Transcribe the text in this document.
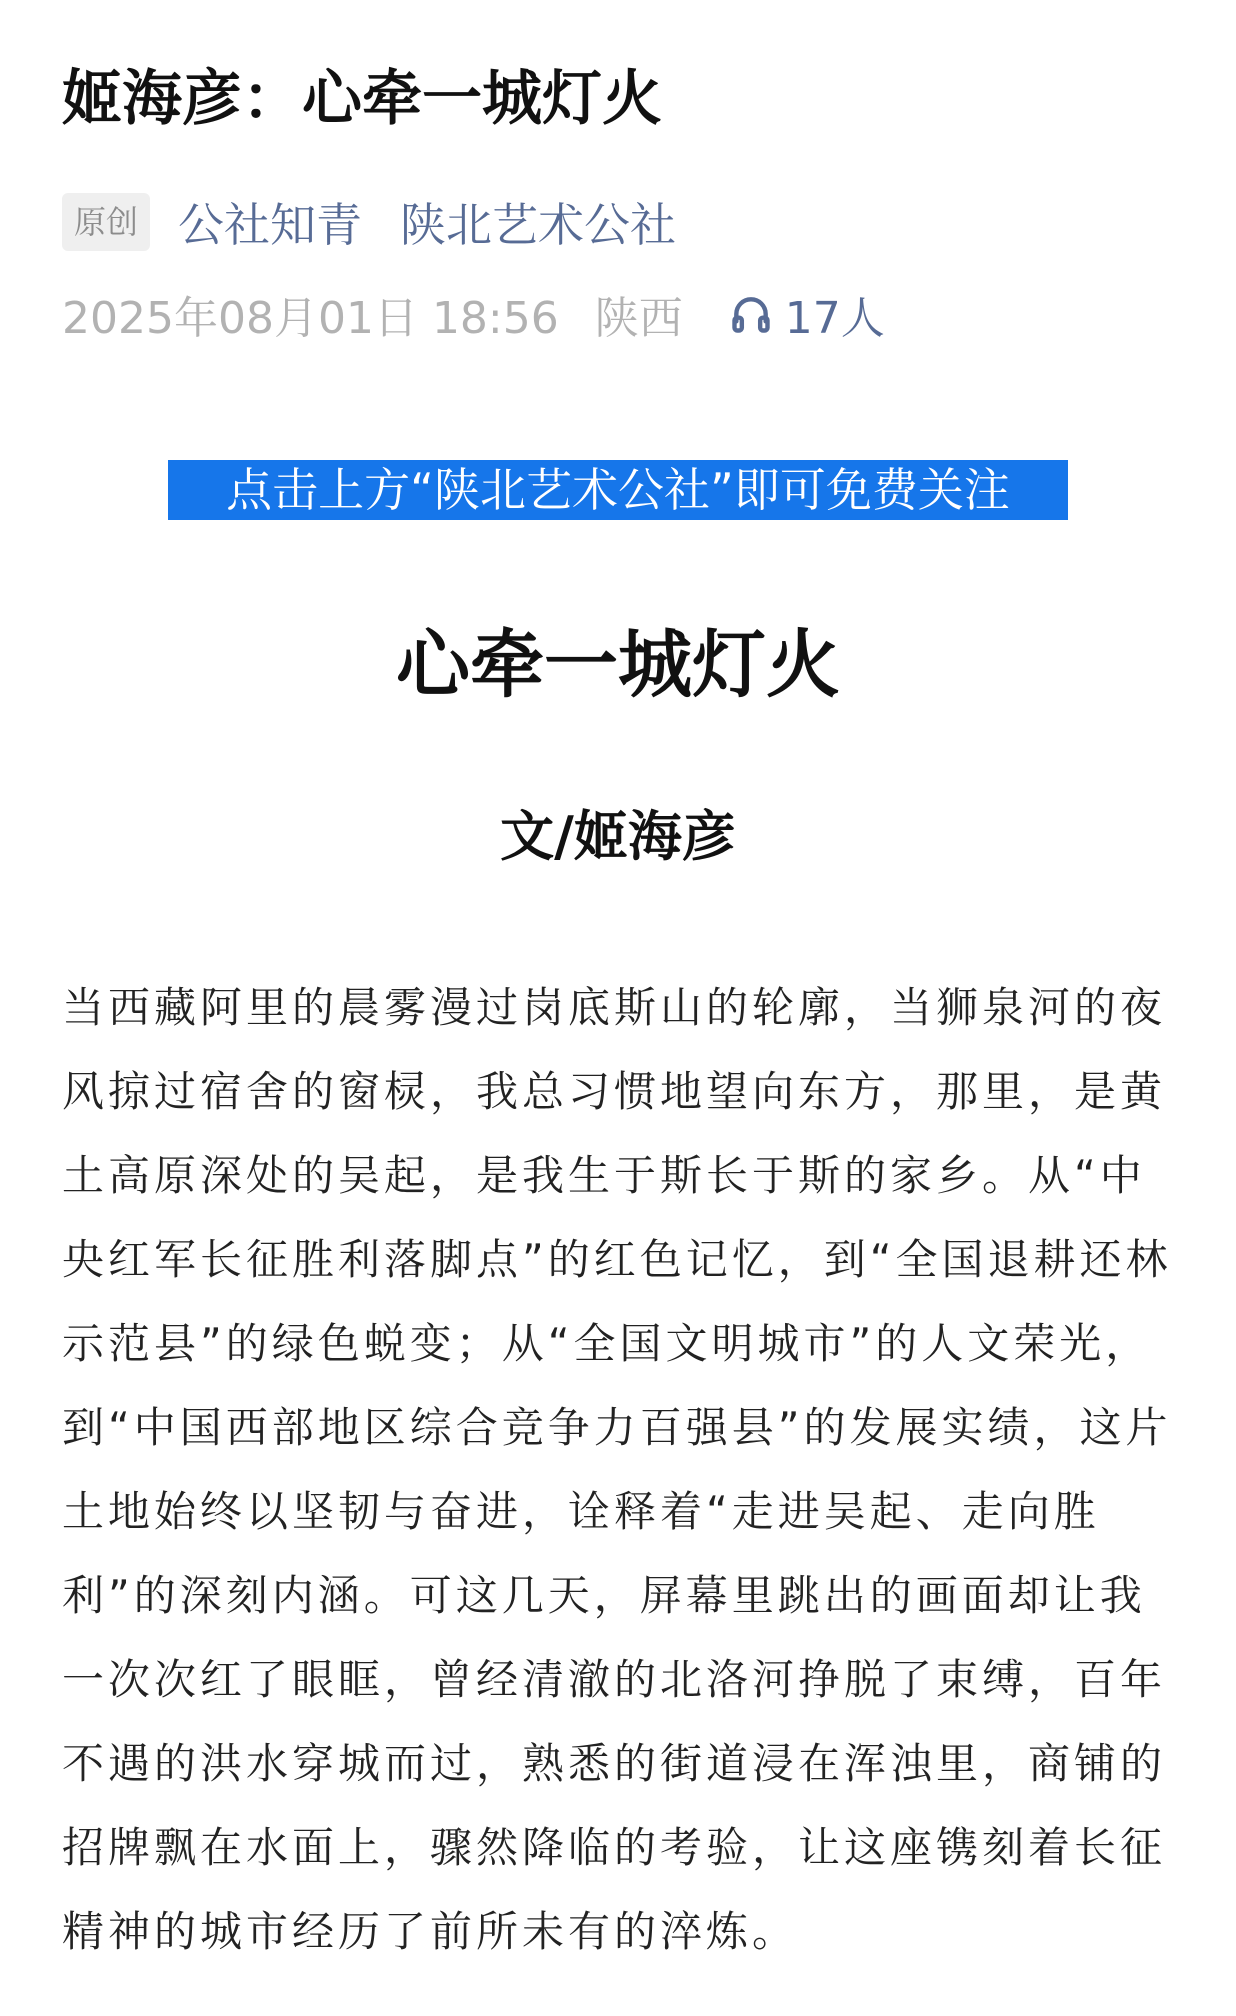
姬海彦：心牵一城灯火
原创 公社知青 陕北艺术公社
2025年08月01日 18:56 陕西 17人
点击上方“陕北艺术公社”即可免费关注
心牵一城灯火
文/姬海彦

当西藏阿里的晨雾漫过岗底斯山的轮廓，当狮泉河的夜风掠过宿舍的窗棂，我总习惯地望向东方，那里，是黄土高原深处的吴起，是我生于斯长于斯的家乡。从“中央红军长征胜利落脚点”的红色记忆，到“全国退耕还林示范县”的绿色蜕变；从“全国文明城市”的人文荣光，到“中国西部地区综合竞争力百强县”的发展实绩，这片土地始终以坚韧与奋进，诠释着“走进吴起、走向胜利”的深刻内涵。可这几天，屏幕里跳出的画面却让我一次次红了眼眶，曾经清澈的北洛河挣脱了束缚，百年不遇的洪水穿城而过，熟悉的街道浸在浑浊里，商铺的招牌飘在水面上，骤然降临的考验，让这座镌刻着长征精神的城市经历了前所未有的淬炼。
